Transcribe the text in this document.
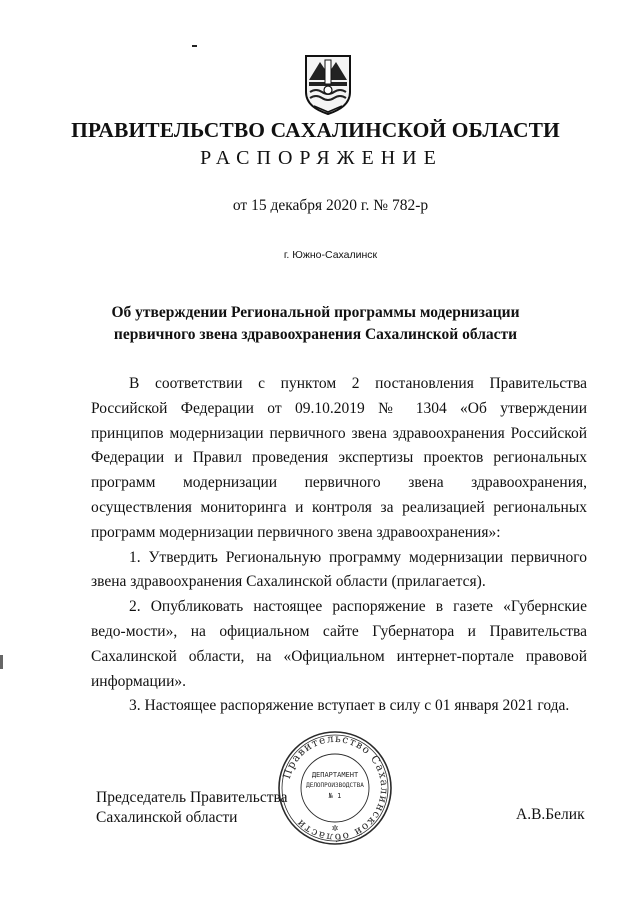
ПРАВИТЕЛЬСТВО САХАЛИНСКОЙ ОБЛАСТИ
РАСПОРЯЖЕНИЕ
от 15 декабря 2020 г. № 782-р
г. Южно-Сахалинск
Об утверждении Региональной программы модернизации
первичного звена здравоохранения Сахалинской области

В соответствии с пунктом 2 постановления Правительства Российской Федерации от 09.10.2019 № 1304 «Об утверждении принципов модернизации первичного звена здравоохранения Российской Федерации и Правил проведения экспертизы проектов региональных программ модернизации первичного звена здравоохранения, осуществления мониторинга и контроля за реализацией региональных программ модернизации первичного звена здравоохранения»:

1. Утвердить Региональную программу модернизации первичного звена здравоохранения Сахалинской области (прилагается).

2. Опубликовать настоящее распоряжение в газете «Губернские ведо-мости», на официальном сайте Губернатора и Правительства Сахалинской области, на «Официальном интернет-портале правовой информации».

3. Настоящее распоряжение вступает в силу с 01 января 2021 года.

Правительство Сахалинской области
ДЕПАРТАМЕНТ
ДЕЛОПРОИЗВОДСТВА
№ 1
✲
Председатель Правительства
Сахалинской области	А.В.Белик
